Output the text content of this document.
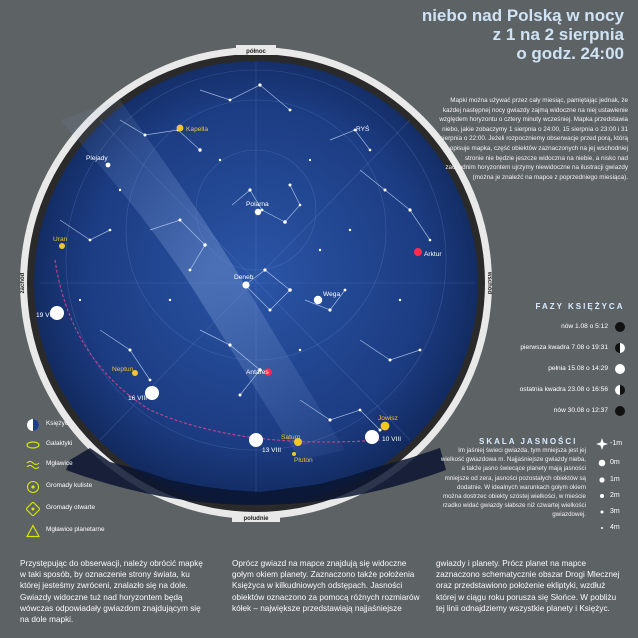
Kapella
Plejady
Polarna
RYŚ
Uran
Deneb
Wega
Arktur
Neptun	Antares
Saturn
Pluton
Jowisz
19 VIII
16 VIII
13 VIII
10 VIII
północ
południe
wschód
zachód
niebo nad Polską w nocy
z 1 na 2 sierpnia
o godz. 24:00
Mapki można używać przez cały miesiąc, pamiętając jednak, że każdej następnej nocy gwiazdy zajmą widoczne na niej ustawienie względem horyzontu o cztery minuty wcześniej. Mapka przedstawia niebo, jakie zobaczymy 1 sierpnia o 24:00, 15 sierpnia o 23:00 i 31 sierpnia o 22:00. Jeżeli rozpoczniemy obserwacje przed porą, którą opisuje mapka, część obiektów zaznaczonych na jej wschodniej stronie nie będzie jeszcze widoczna na niebie, a nisko nad zachodnim horyzontem ujrzymy niewidoczne na ilustracji gwiazdy (można je znaleźć na mapce z poprzedniego miesiąca).
FAZY KSIĘŻYCA
nów 1.08 o 5:12
pierwsza kwadra 7.08 o 19:31
pełnia 15.08 o 14:29
ostatnia kwadra 23.08 o 16:56
nów 30.08 o 12:37
SKALA JASNOŚCI
Im jaśniej świeci gwiazda, tym mniejsza jest jej wielkość gwiazdowa m. Najjaśniejsze gwiazdy nieba, a także jasno świecące planety mają jasności mniejsze od zera, jasności pozostałych obiektów są dodatnie. W idealnych warunkach gołym okiem można dostrzec obiekty szóstej wielkości, w mieście rzadko widać gwiazdy słabsze niż czwartej wielkości gwiazdowej.
-1m
0m
1m
2m
3m
4m
Księżyc
Galaktyki
Mgławice
Gromady kuliste
Gromady otwarte
Mgławice planetarne
Przystępując do obserwacji, należy obrócić mapkę w taki sposób, by oznaczenie strony świata, ku której jesteśmy zwróceni, znalazło się na dole. Gwiazdy widoczne tuż nad horyzontem będą wówczas odpowiadały gwiazdom znajdującym się na dole mapki.
Oprócz gwiazd na mapce znajdują się widoczne gołym okiem planety. Zaznaczono także położenia Księżyca w kilkudniowych odstępach. Jasności obiektów oznaczono za pomocą różnych rozmiarów kółek – największe przedstawiają najjaśniejsze
gwiazdy i planety. Prócz planet na mapce zaznaczono schematycznie obszar Drogi Mlecznej oraz przedstawiono położenie ekliptyki, wzdłuż której w ciągu roku porusza się Słońce. W pobliżu tej linii odnajdziemy wszystkie planety i Księżyc.
